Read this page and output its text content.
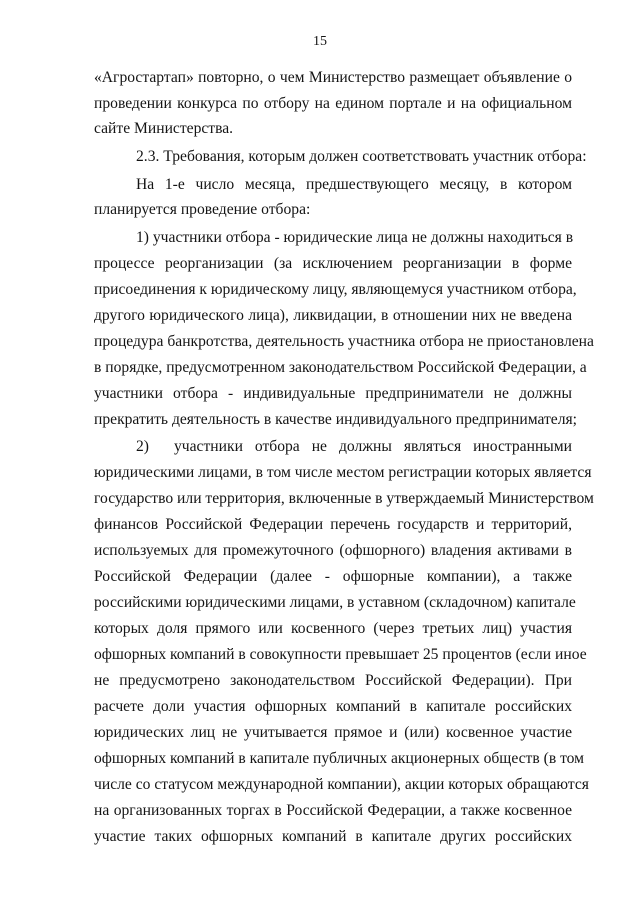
15
«Агростартап» повторно, о чем Министерство размещает объявление о
проведении конкурса по отбору на едином портале и на официальном
сайте Министерства.
2.3. Требования, которым должен соответствовать участник отбора:
На 1-е число месяца, предшествующего месяцу, в котором
планируется проведение отбора:
1) участники отбора - юридические лица не должны находиться в
процессе реорганизации (за исключением реорганизации в форме
присоединения к юридическому лицу, являющемуся участником отбора,
другого юридического лица), ликвидации, в отношении них не введена
процедура банкротства, деятельность участника отбора не приостановлена
в порядке, предусмотренном законодательством Российской Федерации, а
участники отбора - индивидуальные предприниматели не должны
прекратить деятельность в качестве индивидуального предпринимателя;
2) участники отбора не должны являться иностранными
юридическими лицами, в том числе местом регистрации которых является
государство или территория, включенные в утверждаемый Министерством
финансов Российской Федерации перечень государств и территорий,
используемых для промежуточного (офшорного) владения активами в
Российской Федерации (далее - офшорные компании), а также
российскими юридическими лицами, в уставном (складочном) капитале
которых доля прямого или косвенного (через третьих лиц) участия
офшорных компаний в совокупности превышает 25 процентов (если иное
не предусмотрено законодательством Российской Федерации). При
расчете доли участия офшорных компаний в капитале российских
юридических лиц не учитывается прямое и (или) косвенное участие
офшорных компаний в капитале публичных акционерных обществ (в том
числе со статусом международной компании), акции которых обращаются
на организованных торгах в Российской Федерации, а также косвенное
участие таких офшорных компаний в капитале других российских
